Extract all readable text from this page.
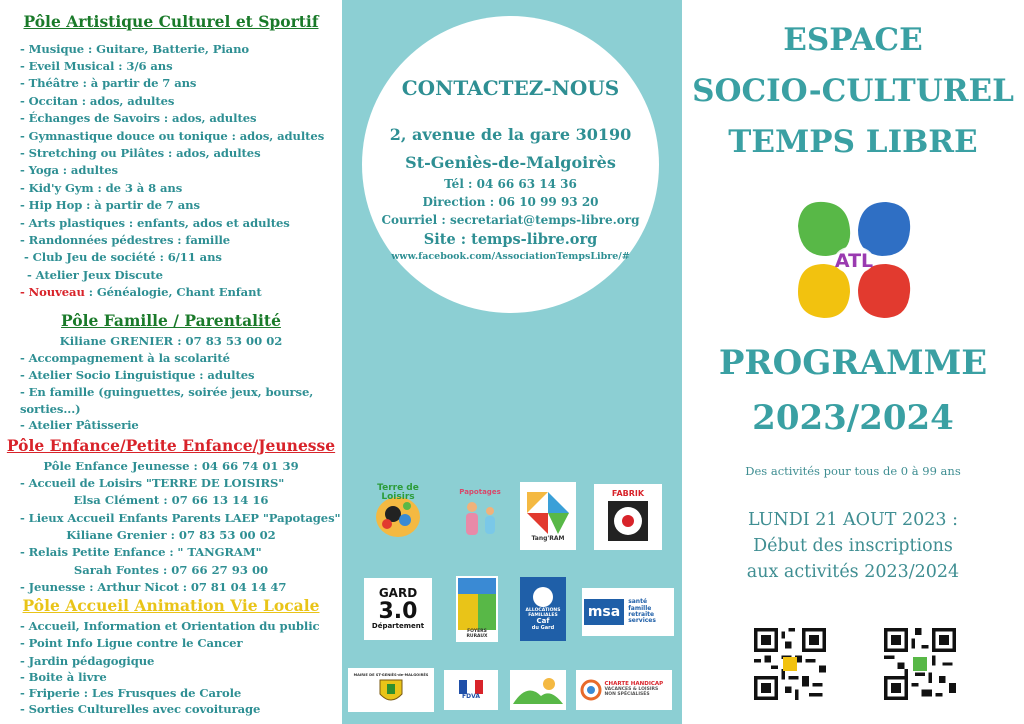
Pôle Artistique Culturel et Sportif
- Musique : Guitare, Batterie, Piano
- Eveil Musical : 3/6 ans
- Théâtre : à partir de 7 ans
- Occitan : ados, adultes
- Échanges de Savoirs : ados, adultes
- Gymnastique douce ou tonique : ados, adultes
- Stretching ou Pilâtes : ados, adultes
- Yoga : adultes
- Kid'y Gym : de 3 à 8 ans
- Hip Hop : à partir de 7 ans
- Arts plastiques : enfants, ados et adultes
- Randonnées pédestres : famille
- Club Jeu de société : 6/11 ans
- Atelier Jeux Discute
- Nouveau : Généalogie, Chant Enfant
Pôle Famille / Parentalité
Kiliane GRENIER : 07 83 53 00 02
- Accompagnement à la scolarité
- Atelier Socio Linguistique : adultes
- En famille (guinguettes, soirée jeux, bourse,
sorties...)
- Atelier Pâtisserie
Pôle Enfance/Petite Enfance/Jeunesse
Pôle Enfance Jeunesse : 04 66 74 01 39
- Accueil de Loisirs "TERRE DE LOISIRS"
Elsa Clément : 07 66 13 14 16
- Lieux Accueil Enfants Parents LAEP "Papotages"
Kiliane Grenier : 07 83 53 00 02
- Relais Petite Enfance : " TANGRAM"
Sarah Fontes : 07 66 27 93 00
- Jeunesse : Arthur Nicot : 07 81 04 14 47
Pôle Accueil Animation Vie Locale
- Accueil, Information et Orientation du public
- Point Info Ligue contre le Cancer
- Jardin pédagogique
- Boite à livre
- Friperie : Les Frusques de Carole
- Sorties Culturelles avec covoiturage
CONTACTEZ-NOUS
2, avenue de la gare 30190
St-Geniès-de-Malgoirès
Tél : 04 66 63 14 36
Direction : 06 10 99 93 20
Courriel : secretariat@temps-libre.org
Site : temps-libre.org
www.facebook.com/AssociationTempsLibre/#
Terre de Loisirs
Papotages
Tang'RAM
FABRIK
GARD
3.0
Département
FOYERS RURAUX
ALLOCATIONS FAMILIALES
Caf
du Gard
msa
santé famille retraite services
MAIRIE DE ST-GENIÈS-de-MALGOIRÈS
FDVA
CHARTE HANDICAP
VACANCES & LOISIRS NON SPÉCIALISÉS
ESPACE
SOCIO-CULTUREL
TEMPS LIBRE
ATL
PROGRAMME
2023/2024
Des activités pour tous de 0 à 99 ans
LUNDI 21 AOUT 2023 :
Début des inscriptions
aux activités 2023/2024
